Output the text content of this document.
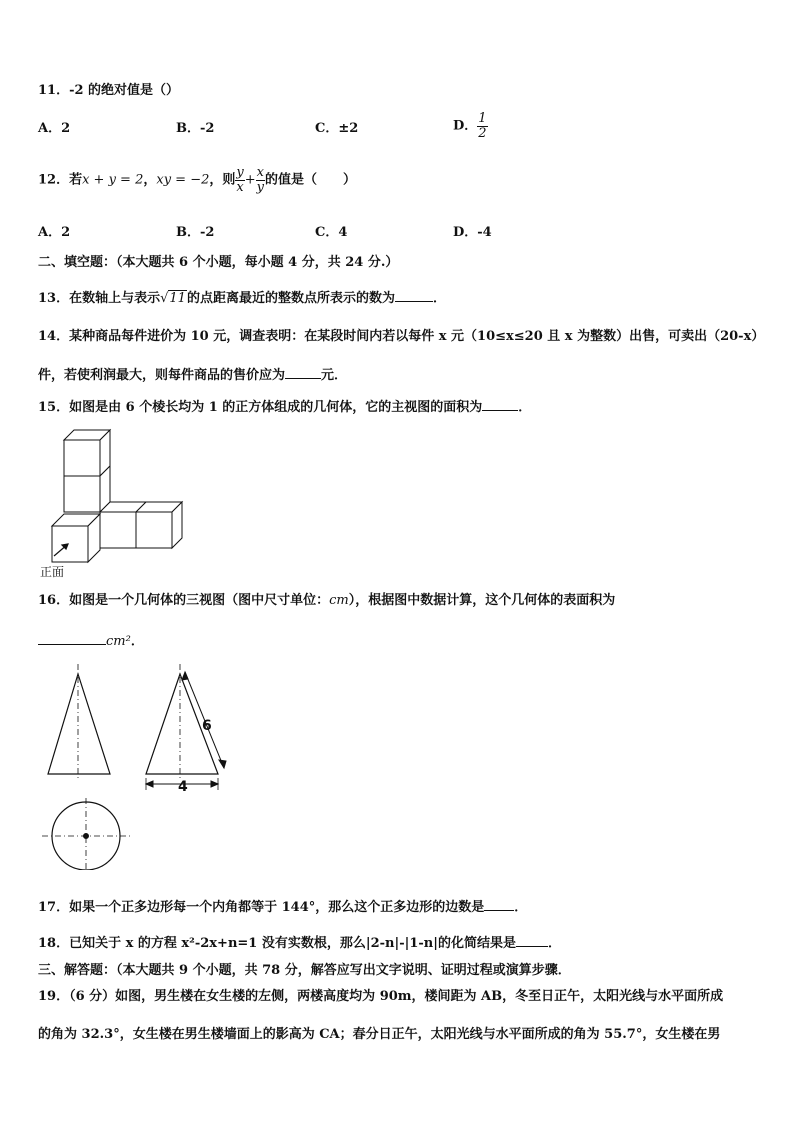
11．-2 的绝对值是（）
A．2	B．-2	C．±2	D． $\frac{1}{2}$
12．若x + y = 2，xy = −2，则 $\frac{y}{x} + \frac{x}{y}$ 的值是（　　）
A．2	B．-2	C．4	D．-4
二、填空题：（本大题共 6 个小题，每小题 4 分，共 24 分.）
13．在数轴上与表示√11的点距离最近的整数点所表示的数为	．
14．某种商品每件进价为 10 元，调查表明：在某段时间内若以每件 x 元（10≤x≤20 且 x 为整数）出售，可卖出（20-x）
件，若使利润最大，则每件商品的售价应为	元．
15．如图是由 6 个棱长均为 1 的正方体组成的几何体，它的主视图的面积为	．
正面
16．如图是一个几何体的三视图（图中尺寸单位：cm），根据图中数据计算，这个几何体的表面积为
cm²．
6
4
17．如果一个正多边形每一个内角都等于 144°，那么这个正多边形的边数是 ．
18．已知关于 x 的方程 x²-2x+n=1 没有实数根，那么|2-n|-|1-n|的化简结果是 ．
三、解答题：（本大题共 9 个小题，共 78 分，解答应写出文字说明、证明过程或演算步骤．
19．（6 分）如图，男生楼在女生楼的左侧，两楼高度均为 90m，楼间距为 AB，冬至日正午，太阳光线与水平面所成
的角为 32.3°，女生楼在男生楼墙面上的影高为 CA；春分日正午，太阳光线与水平面所成的角为 55.7°，女生楼在男
